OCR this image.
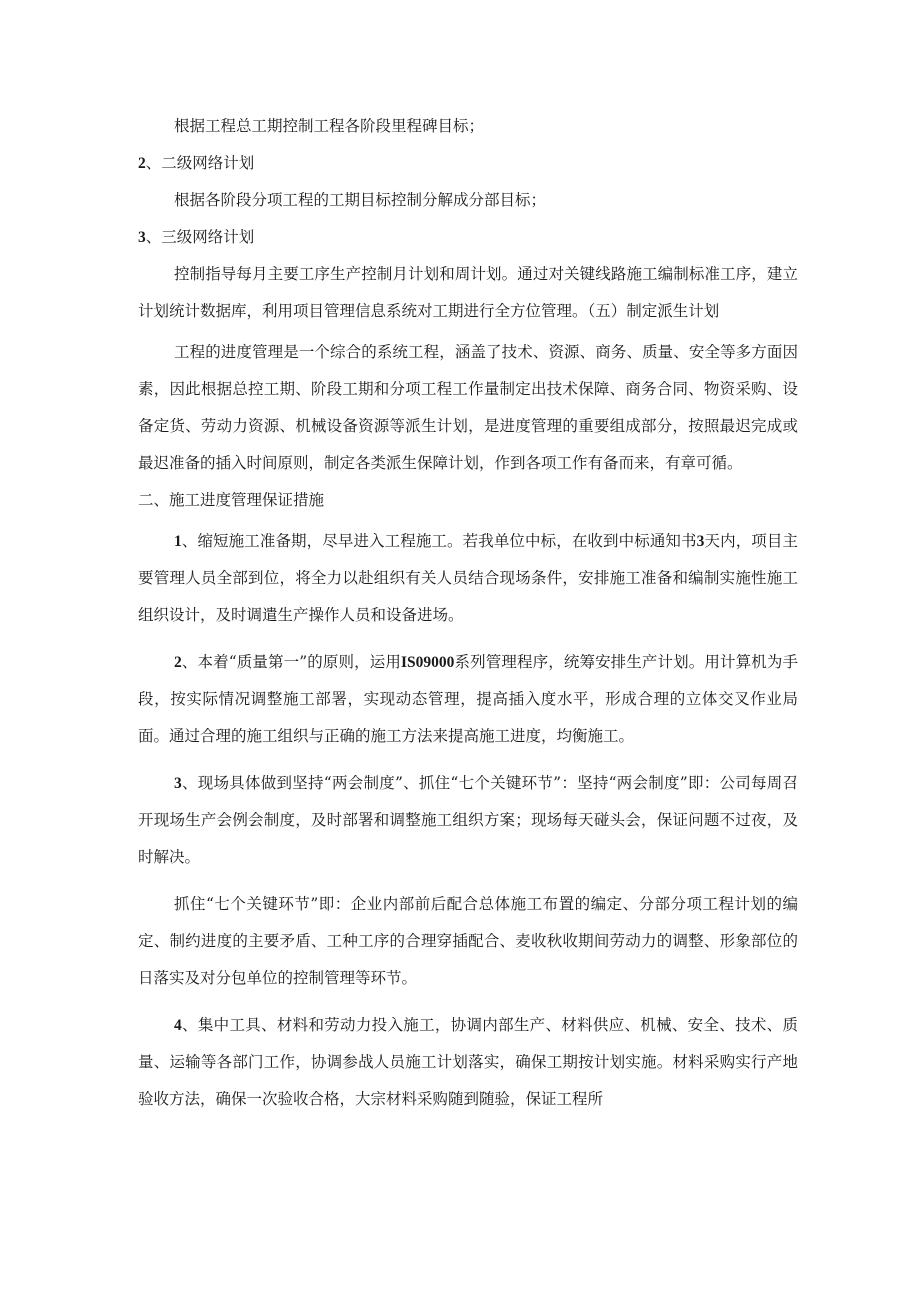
根据工程总工期控制工程各阶段里程碑目标；

2、二级网络计划

根据各阶段分项工程的工期目标控制分解成分部目标；

3、三级网络计划

控制指导每月主要工序生产控制月计划和周计划。通过对关键线路施工编制标准工序，建立计划统计数据库，利用项目管理信息系统对工期进行全方位管理。（五）制定派生计划

工程的进度管理是一个综合的系统工程，涵盖了技术、资源、商务、质量、安全等多方面因素，因此根据总控工期、阶段工期和分项工程工作量制定出技术保障、商务合同、物资采购、设备定货、劳动力资源、机械设备资源等派生计划，是进度管理的重要组成部分，按照最迟完成或最迟准备的插入时间原则，制定各类派生保障计划，作到各项工作有备而来，有章可循。

二、施工进度管理保证措施

1、缩短施工准备期，尽早进入工程施工。若我单位中标，在收到中标通知书3天内，项目主要管理人员全部到位，将全力以赴组织有关人员结合现场条件，安排施工准备和编制实施性施工组织设计，及时调遣生产操作人员和设备进场。

2、本着“质量第一”的原则，运用IS09000系列管理程序，统筹安排生产计划。用计算机为手段，按实际情况调整施工部署，实现动态管理，提高插入度水平，形成合理的立体交叉作业局面。通过合理的施工组织与正确的施工方法来提高施工进度，均衡施工。

3、现场具体做到坚持“两会制度”、抓住“七个关键环节”：坚持“两会制度”即：公司每周召开现场生产会例会制度，及时部署和调整施工组织方案；现场每天碰头会，保证问题不过夜，及时解决。

抓住“七个关键环节”即：企业内部前后配合总体施工布置的编定、分部分项工程计划的编定、制约进度的主要矛盾、工种工序的合理穿插配合、麦收秋收期间劳动力的调整、形象部位的日落实及对分包单位的控制管理等环节。

4、集中工具、材料和劳动力投入施工，协调内部生产、材料供应、机械、安全、技术、质量、运输等各部门工作，协调参战人员施工计划落实，确保工期按计划实施。材料采购实行产地验收方法，确保一次验收合格，大宗材料采购随到随验，保证工程所
